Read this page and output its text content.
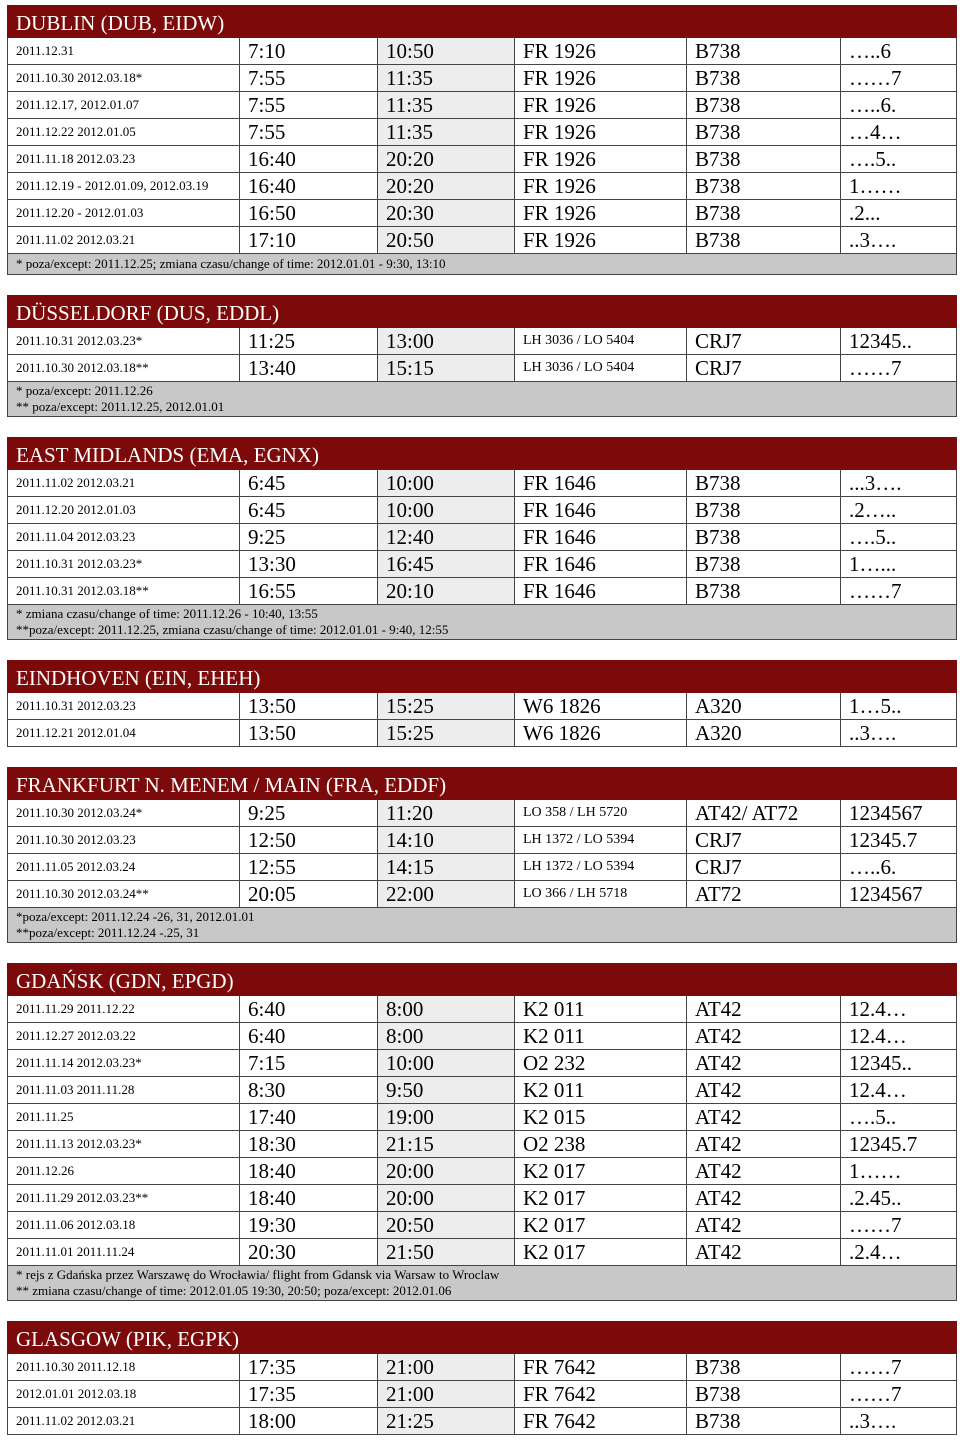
DUBLIN (DUB, EIDW)					
2011.12.31	7:10	10:50	FR 1926	B738	…..6
2011.10.30 2012.03.18*	7:55	11:35	FR 1926	B738	……7
2011.12.17, 2012.01.07	7:55	11:35	FR 1926	B738	…..6.
2011.12.22 2012.01.05	7:55	11:35	FR 1926	B738	…4…
2011.11.18 2012.03.23	16:40	20:20	FR 1926	B738	….5..
2011.12.19 - 2012.01.09, 2012.03.19	16:40	20:20	FR 1926	B738	1……
2011.12.20 - 2012.01.03	16:50	20:30	FR 1926	B738	.2...
2011.11.02 2012.03.21	17:10	20:50	FR 1926	B738	..3….

* poza/except: 2011.12.25; zmiana czasu/change of time: 2012.01.01 - 9:30, 13:10					
DÜSSELDORF (DUS, EDDL)					
2011.10.31 2012.03.23*	11:25	13:00	LH 3036 / LO 5404	CRJ7	12345..
2011.10.30 2012.03.18**	13:40	15:15	LH 3036 / LO 5404	CRJ7	……7

* poza/except: 2011.12.26
** poza/except: 2011.12.25, 2012.01.01					
EAST MIDLANDS (EMA, EGNX)					
2011.11.02 2012.03.21	6:45	10:00	FR 1646	B738	...3….
2011.12.20 2012.01.03	6:45	10:00	FR 1646	B738	.2…..
2011.11.04 2012.03.23	9:25	12:40	FR 1646	B738	….5..
2011.10.31 2012.03.23*	13:30	16:45	FR 1646	B738	1…...
2011.10.31 2012.03.18**	16:55	20:10	FR 1646	B738	……7

* zmiana czasu/change of time: 2011.12.26 - 10:40, 13:55
**poza/except: 2011.12.25, zmiana czasu/change of time: 2012.01.01 - 9:40, 12:55					
EINDHOVEN (EIN, EHEH)					
2011.10.31 2012.03.23	13:50	15:25	W6 1826	A320	1…5..
2011.12.21 2012.01.04	13:50	15:25	W6 1826	A320	..3….
FRANKFURT N. MENEM / MAIN (FRA, EDDF)					
2011.10.30 2012.03.24*	9:25	11:20	LO 358 / LH 5720	AT42/ AT72	1234567
2011.10.30 2012.03.23	12:50	14:10	LH 1372 / LO 5394	CRJ7	12345.7
2011.11.05 2012.03.24	12:55	14:15	LH 1372 / LO 5394	CRJ7	…..6.
2011.10.30 2012.03.24**	20:05	22:00	LO 366 / LH 5718	AT72	1234567

*poza/except: 2011.12.24 -26, 31, 2012.01.01
**poza/except: 2011.12.24 -.25, 31					
GDAŃSK (GDN, EPGD)					
2011.11.29 2011.12.22	6:40	8:00	K2 011	AT42	12.4…
2011.12.27 2012.03.22	6:40	8:00	K2 011	AT42	12.4…
2011.11.14 2012.03.23*	7:15	10:00	O2 232	AT42	12345..
2011.11.03 2011.11.28	8:30	9:50	K2 011	AT42	12.4…
2011.11.25	17:40	19:00	K2 015	AT42	….5..
2011.11.13 2012.03.23*	18:30	21:15	O2 238	AT42	12345.7
2011.12.26	18:40	20:00	K2 017	AT42	1……
2011.11.29 2012.03.23**	18:40	20:00	K2 017	AT42	.2.45..
2011.11.06 2012.03.18	19:30	20:50	K2 017	AT42	……7
2011.11.01 2011.11.24	20:30	21:50	K2 017	AT42	.2.4…

* rejs z Gdańska przez Warszawę do Wrocławia/ flight from Gdansk via Warsaw to Wroclaw
** zmiana czasu/change of time: 2012.01.05 19:30, 20:50; poza/except: 2012.01.06					
GLASGOW (PIK, EGPK)					
2011.10.30 2011.12.18	17:35	21:00	FR 7642	B738	……7
2012.01.01 2012.03.18	17:35	21:00	FR 7642	B738	……7
2011.11.02 2012.03.21	18:00	21:25	FR 7642	B738	..3….
